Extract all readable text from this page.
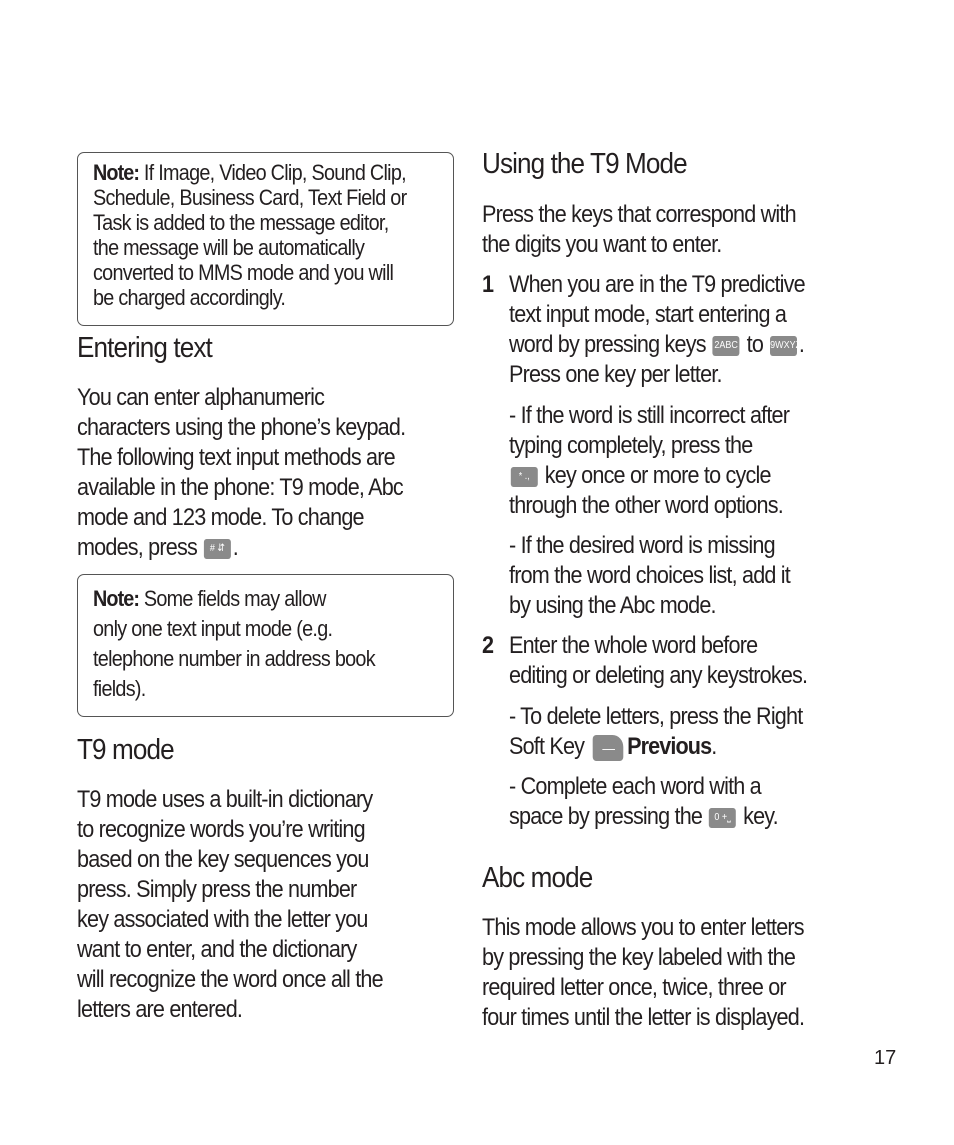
Note: If Image, Video Clip, Sound Clip,
Schedule, Business Card, Text Field or
Task is added to the message editor,
the message will be automatically
converted to MMS mode and you will
be charged accordingly.
Entering text
You can enter alphanumeric
characters using the phone’s keypad.
The following text input methods are
available in the phone: T9 mode, Abc
mode and 123 mode. To change
modes, press # ⇵ .
Note: Some fields may allow
only one text input mode (e.g.
telephone number in address book
fields).
T9 mode
T9 mode uses a built-in dictionary
to recognize words you’re writing
based on the key sequences you
press. Simply press the number
key associated with the letter you
want to enter, and the dictionary
will recognize the word once all the
letters are entered.
Using the T9 Mode
Press the keys that correspond with
the digits you want to enter.
1 When you are in the T9 predictive
text input mode, start entering a
word by pressing keys 2ABC to 9WXYZ.
Press one key per letter.
- If the word is still incorrect after
typing completely, press the
* ., key once or more to cycle
through the other word options.
- If the desired word is missing
from the word choices list, add it
by using the Abc mode.
2 Enter the whole word before
editing or deleting any keystrokes.
- To delete letters, press the Right
Soft Key — Previous.
- Complete each word with a
space by pressing the 0 +⎵ key.
Abc mode
This mode allows you to enter letters
by pressing the key labeled with the
required letter once, twice, three or
four times until the letter is displayed.
17
